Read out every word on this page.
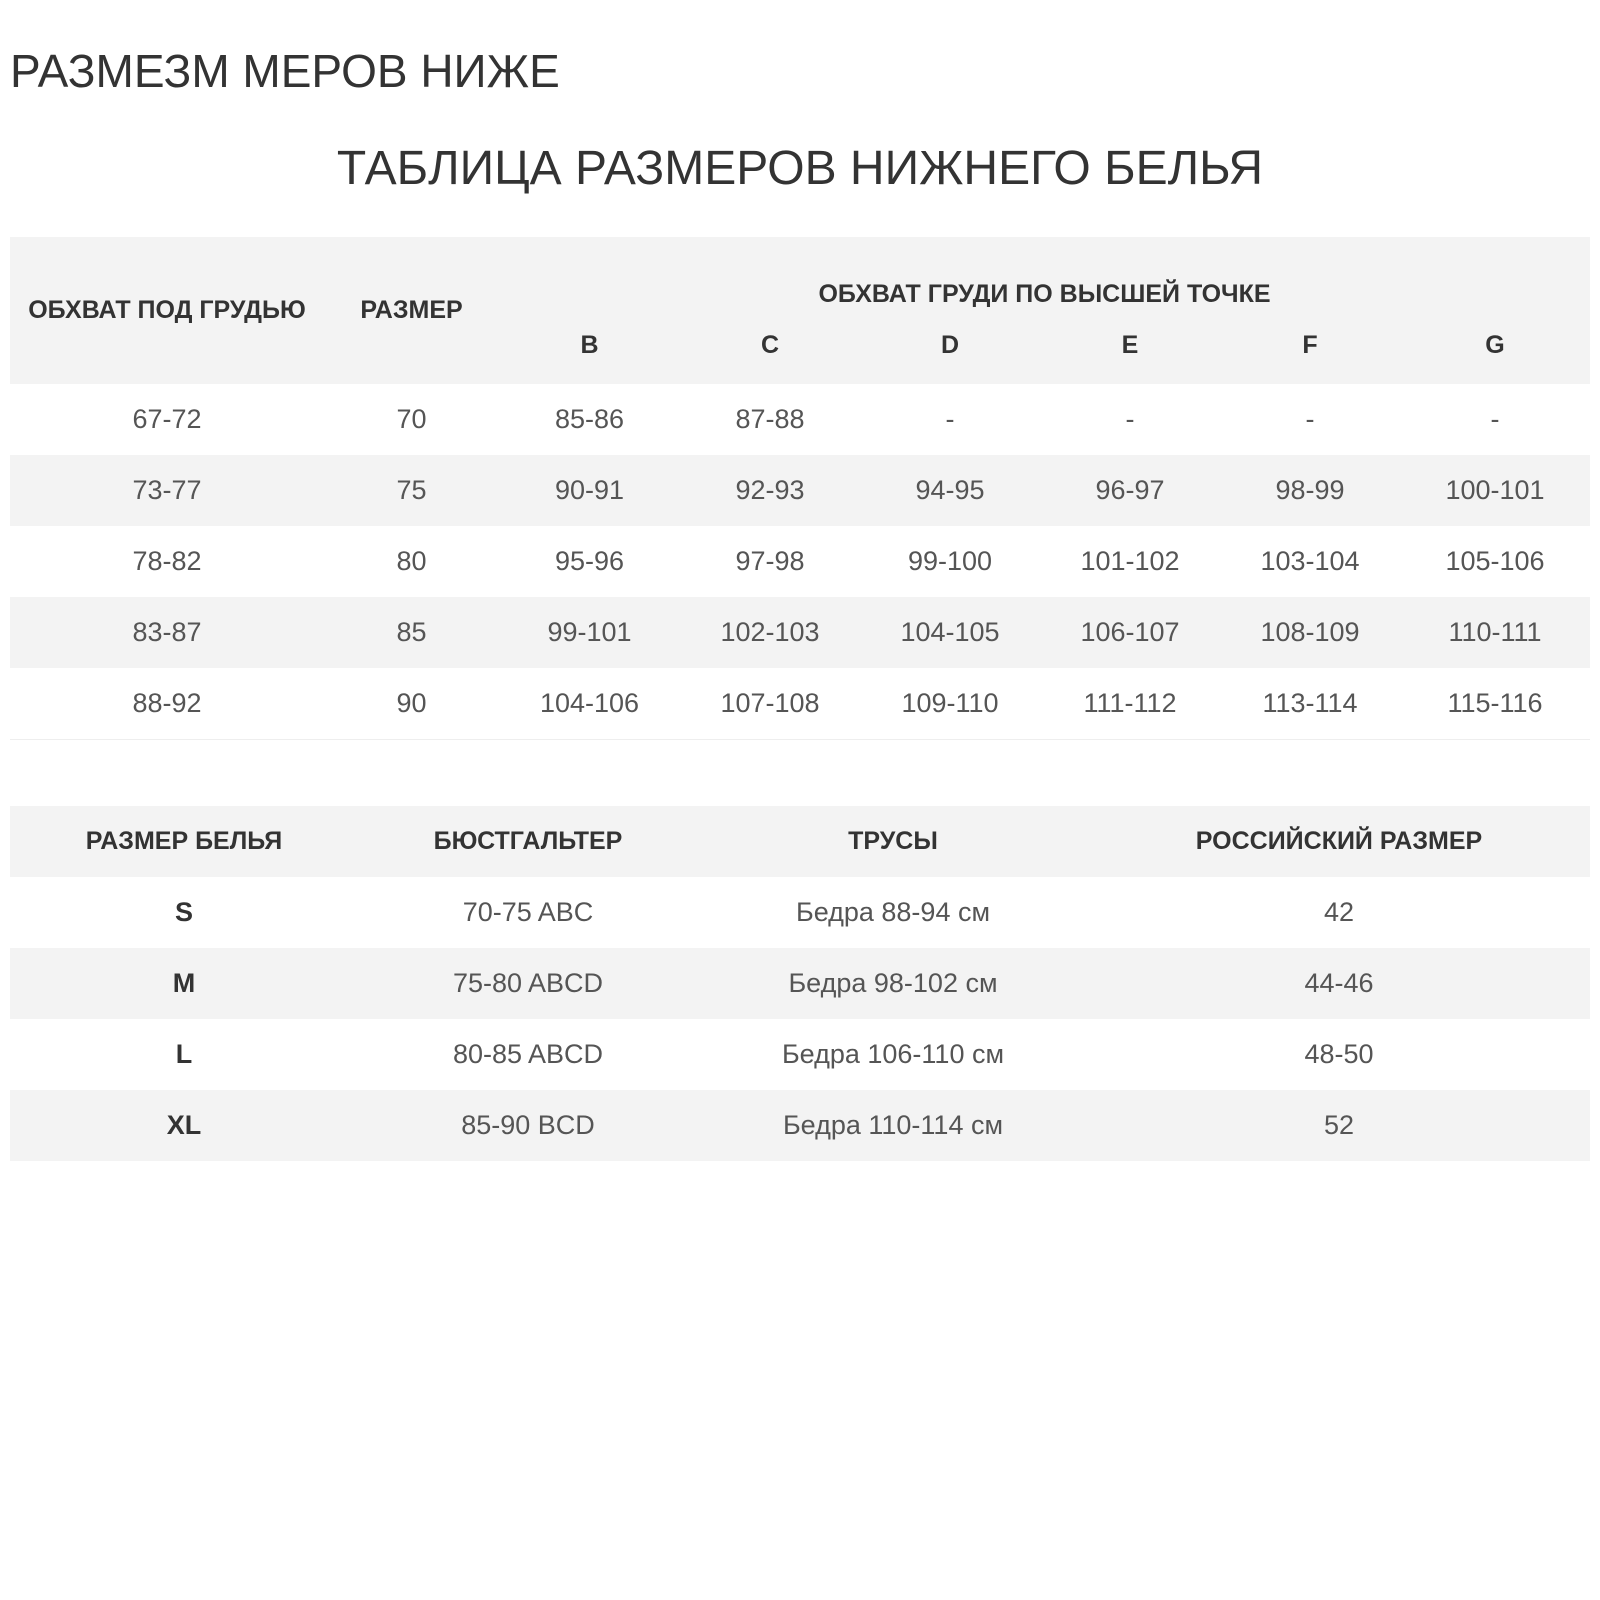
РАЗМЕЗМ МЕРОВ НИЖЕ
ТАБЛИЦА РАЗМЕРОВ НИЖНЕГО БЕЛЬЯ
ОБХВАТ ПОД ГРУДЬЮ	РАЗМЕР	ОБХВАТ ГРУДИ ПО ВЫСШЕЙ ТОЧКЕ					
		B	C	D	E	F	G
67-72	70	85-86	87-88	-	-	-	-
73-77	75	90-91	92-93	94-95	96-97	98-99	100-101
78-82	80	95-96	97-98	99-100	101-102	103-104	105-106
83-87	85	99-101	102-103	104-105	106-107	108-109	110-111
88-92	90	104-106	107-108	109-110	111-112	113-114	115-116
РАЗМЕР БЕЛЬЯ	БЮСТГАЛЬТЕР	ТРУСЫ	РОССИЙСКИЙ РАЗМЕР
S	70-75 ABC	Бедра 88-94 см	42
M	75-80 ABCD	Бедра 98-102 см	44-46
L	80-85 ABCD	Бедра 106-110 см	48-50
XL	85-90 BCD	Бедра 110-114 см	52
